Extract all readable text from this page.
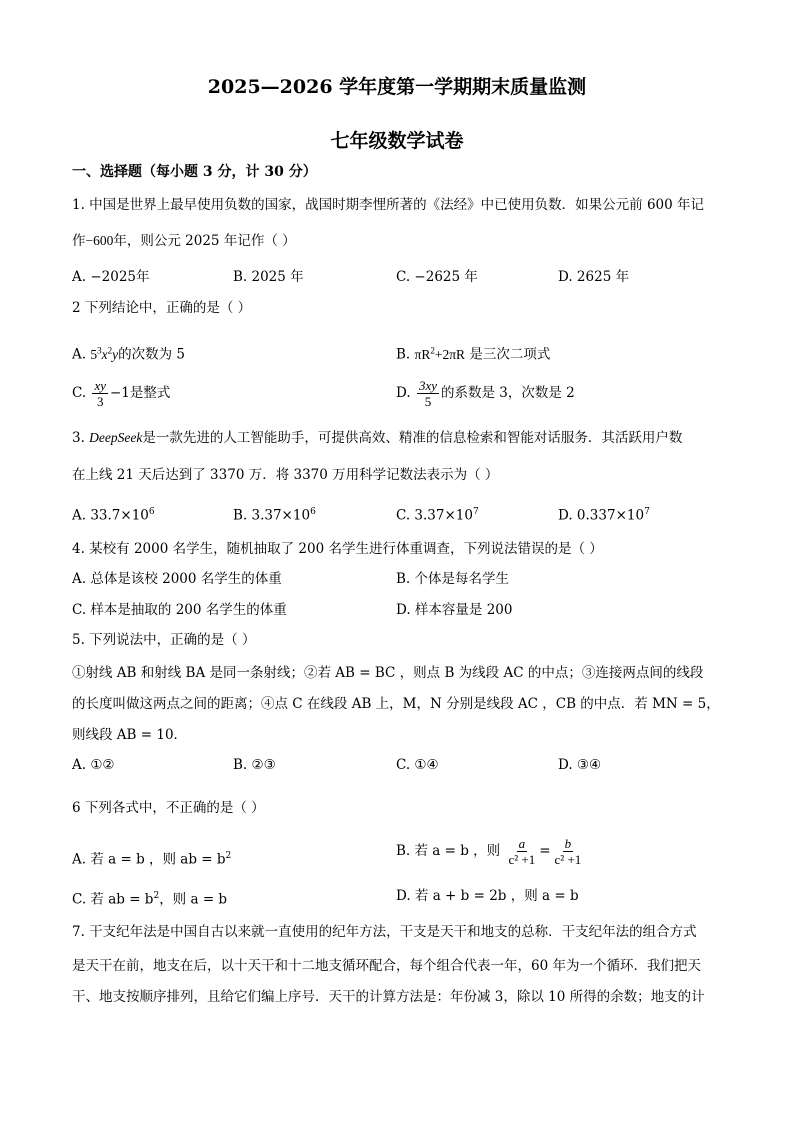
2025—2026 学年度第一学期期末质量监测
七年级数学试卷
一、选择题（每小题 3 分，计 30 分）
1. 中国是世界上最早使用负数的国家，战国时期李悝所著的《法经》中已使用负数．如果公元前 600 年记
作−600年，则公元 2025 年记作（ ）
A. −2025年	B. 2025 年	C. −2625 年	D. 2625 年
2 下列结论中，正确的是（ ）
A. $5^3x^2y$的次数为 5	B. $\pi R^2+2\pi R$ 是三次二项式
C. $\frac{xy}{3} -1$是整式	D. $\frac{3xy}{5}$ 的系数是 3，次数是 2
3. DeepSeek是一款先进的人工智能助手，可提供高效、精准的信息检索和智能对话服务．其活跃用户数
在上线 21 天后达到了 3370 万．将 3370 万用科学记数法表示为（ ）
A. $33.7\times 10^6$	B. $3.37\times 10^6$	C. $3.37\times 10^7$	D. $0.337\times 10^7$
4. 某校有 2000 名学生，随机抽取了 200 名学生进行体重调查，下列说法错误的是（ ）
A. 总体是该校 2000 名学生的体重	B. 个体是每名学生
C. 样本是抽取的 200 名学生的体重	D. 样本容量是 200
5. 下列说法中，正确的是（ ）
①射线 AB 和射线 BA 是同一条射线；②若 AB = BC ，则点 B 为线段 AC 的中点；③连接两点间的线段
的长度叫做这两点之间的距离；④点 C 在线段 AB 上，M，N 分别是线段 AC ，CB 的中点．若 MN = 5，
则线段 AB = 10．
A. ①②	B. ②③	C. ①④	D. ③④
6 下列各式中，不正确的是（ ）
A. 若 a = b ，则 ab = $b^2$	B. 若 a = b ，则 $\frac{a}{\text{c² +1}} = \frac{b}{\text{c² +1}}$
C. 若 ab = $b^2$，则 a = b	D. 若 a + b = 2b ，则 a = b
7. 干支纪年法是中国自古以来就一直使用的纪年方法，干支是天干和地支的总称．干支纪年法的组合方式
是天干在前，地支在后，以十天干和十二地支循环配合，每个组合代表一年，60 年为一个循环．我们把天
干、地支按顺序排列，且给它们编上序号．天干的计算方法是：年份减 3，除以 10 所得的余数；地支的计
